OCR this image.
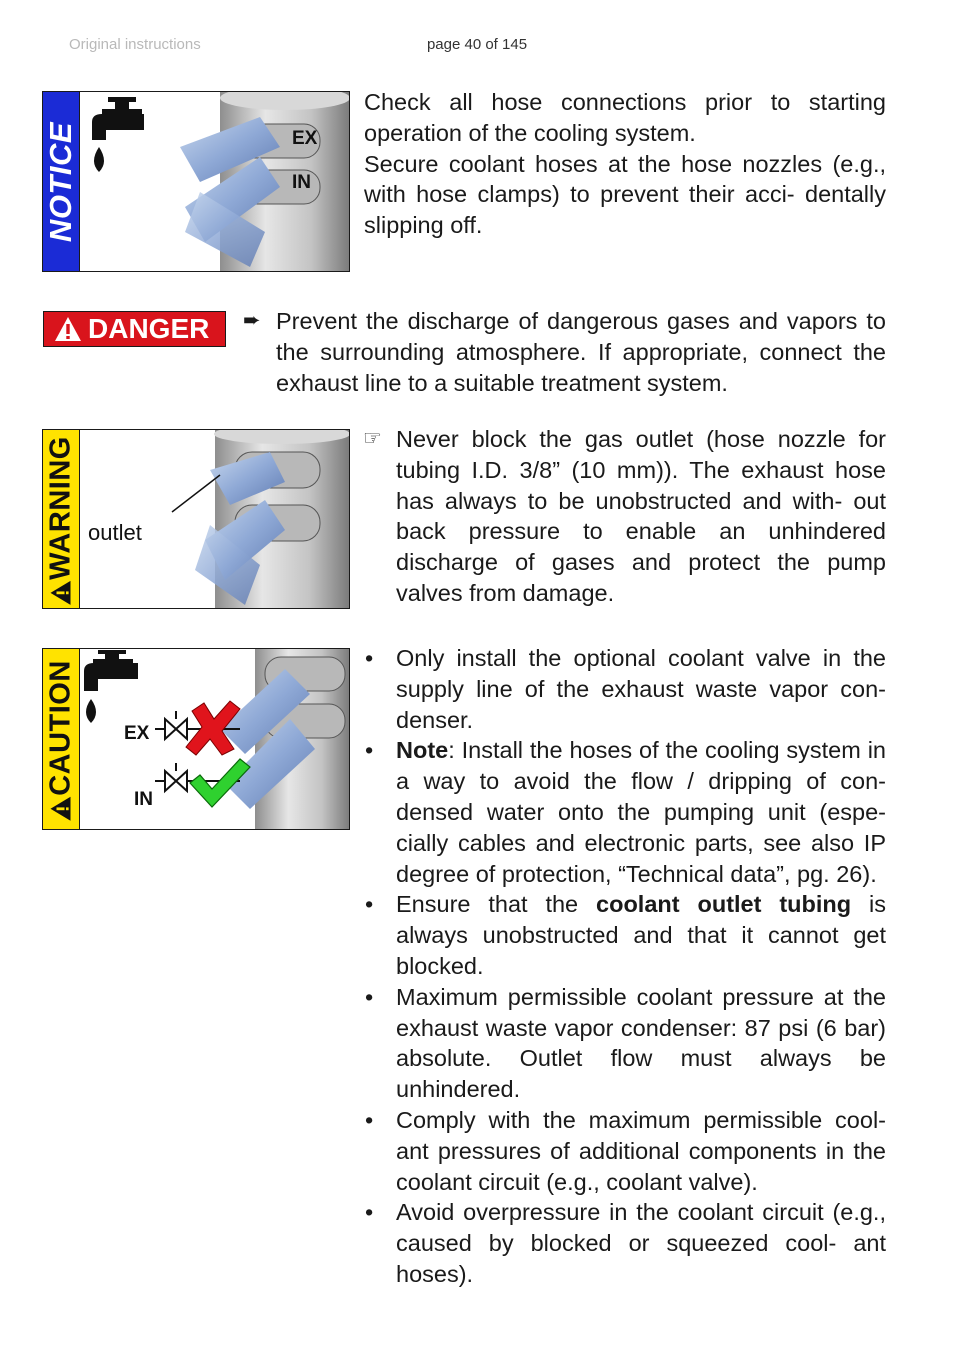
Original instructions	page 40 of 145
NOTICE	EX
IN

Check all hose connections prior to starting operation of the cooling system.

Secure coolant hoses at the hose nozzles (e.g., with hose clamps) to prevent their acci- dentally slipping off.

DANGER ➨ Prevent the discharge of dangerous gases and vapors to the surrounding atmosphere. If appropriate, connect the exhaust line to a suitable treatment system.
WARNING outlet
☞ Never block the gas outlet (hose nozzle for tubing I.D. 3/8” (10 mm)). The exhaust hose has always to be unobstructed and with- out back pressure to enable an unhindered discharge of gases and protect the pump valves from damage.
CAUTION	EX
IN
• Only install the optional coolant valve in the supply line of the exhaust waste vapor con- denser.
• Note: Install the hoses of the cooling system in a way to avoid the flow / dripping of con- densed water onto the pumping unit (espe- cially cables and electronic parts, see also IP degree of protection, “Technical data”, pg. 26).
• Ensure that the coolant outlet tubing is always unobstructed and that it cannot get blocked.
• Maximum permissible coolant pressure at the exhaust waste vapor condenser: 87 psi (6 bar) absolute. Outlet flow must always be unhindered.
• Comply with the maximum permissible cool- ant pressures of additional components in the coolant circuit (e.g., coolant valve).
• Avoid overpressure in the coolant circuit (e.g., caused by blocked or squeezed cool- ant hoses).
